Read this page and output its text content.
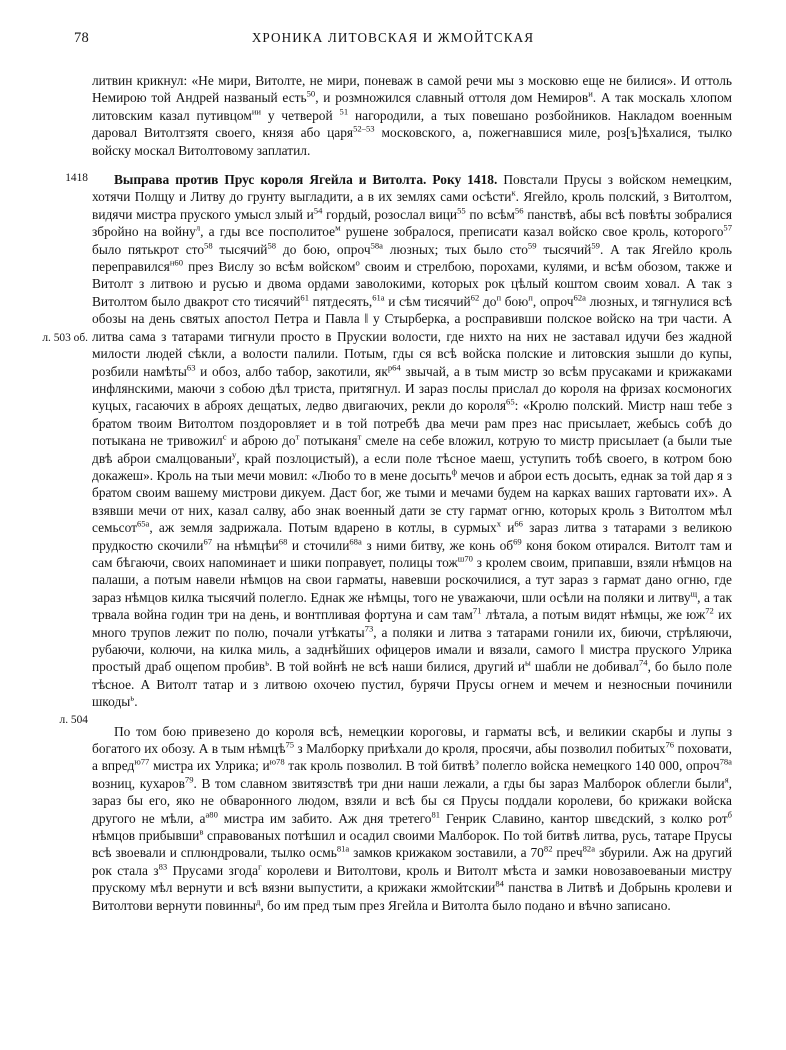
78	ХРОНИКА ЛИТОВСКАЯ И ЖМОЙТСКАЯ

литвин крикнул: «Не мири, Витолте, не мири, поневаж в самой речи мы з московю еще не билися». И оттоль Немирою той Андрей названый есть$^{50}$, и розмножился славный оттоля дом Немиров$^и$. А так москаль хлопом литовским казал путивцом$^{ии}$ у четверой $^{51}$ нагородили, а тых повешано розбойников. Накладом военным даровал Витолтзятя своего, князя або царя$^{52-53}$ московского, а, пожегнавшися миле, роз[ъ]ѣхалися, тылко войску москал Витолтовому заплатил.

1418	Выправа против Прус короля Ягейла и Витолта. Року 1418. Повстали Прусы з войском немецким, хотячи Полщу и Литву до грунту выгладити, а в их землях сами осѣсти$^к$. Ягейло, кроль полский, з Витолтом, видячи мистра пруского умысл злый $и^{54}$ гордый, розослал вици$^{55}$ по всѣм$^{56}$ панствѣ, абы всѣ повѣты зобралися збройно на войну$^л$, а гды все посполитое$^м$ рушене зобралося, преписати казал войско свое кроль, которого$^{57}$ было пятькрот сто$^{58}$ тысячий$^{58}$ до бою, опроч$^{58а}$ люзных; тых было сто$^{59}$ тысячий$^{59}$. А так Ягейло кроль переправился$^{н60}$ през Вислу зо всѣм войском$^о$ своим и стрелбою, порохами, кулями, и всѣм обозом, также и Витолт з литвою и русью и двома ордами заволокими, которых рок цѣлый коштом своим ховал. А так з Витолтом было двакрот сто тисячий$^{61}$ пятдесять,$^{61а}$ и сѣм тисячий$^{62}$ $до^п$ бою$^п$, опроч$^{62а}$ люзных, и тягнулися всѣ обозы на день святых апостол Петра и Павла ǁ у Стырберка, а росправивши полское войско на три части. А литва сама з татарами тигнули просто в Прускии волости, где нихто на них не заставал идучи без жадной милости людей сѣкли, а волости палили. Потым, гды ся всѣ войска полские и литовския зышли до купы, розбили намѣты$^{63}$ и обоз, албо табор, закотили, $як^{р64}$ звычай, а в тым мистр зо всѣм прусаками и крижаками инфлянскими, маючи з собою дѣл триста, притягнул. И зараз послы прислал до короля на фризах космоногих куцых, гасаючих в аброях дещатых, ледво двигаючих, рекли до короля$^{65}$: «Кролю полский. Мистр наш тебе з братом твоим Витолтом поздоровляет и в той потребѣ два мечи рам през нас присылает, жебысь собѣ до потыкана не тривожил$^с$ и аброю $до^т$ потыканя$^т$ смеле на себе вложил, котрую то мистр присылает (а были тые двѣ аброи смалцованыи$^у$, край позлоцистый), а если поле тѣсное маеш, уступить тобѣ своего, в котром бою докажеш». Кроль на тыи мечи мовил: «Любо то в мене досыть$^ф$ мечов и аброи есть досыть, еднак за той дар я з братом своим вашему мистрови дикуем. Даст бог, же тыми и мечами будем на карках ваших гартовати их». А взявши мечи от них, казал салву, або знак военный дати зе сту гармат огню, которых кроль з Витолтом мѣл семьсот$^{65а}$, аж земля задрижала. Потым вдарено в котлы, в сурмых$^х$ $и^{66}$ зараз литва з татарами з великою прудкостю скочили$^{67}$ на нѣмцѣи$^{68}$ и сточили$^{68а}$ з ними битву, же конь $об^{69}$ коня боком отирался. Витолт там и сам бѣгаючи, своих напоминает и шики поправует, полицы тож$^{ш70}$ з кролем своим, припавши, взяли нѣмцов на палаши, а потым навели нѣмцов на свои гарматы, навевши роскочилися, а тут зараз з гармат дано огню, где зараз нѣмцов килка тысячий полегло. Еднак же нѣмцы, того не уважаючи, шли осѣли на поляки и литву$^щ$, а так трвала война годин три на день, и вонтпливая фортуна и сам там$^{71}$ лѣтала, а потым видят нѣмцы, же $юж^{72}$ их много трупов лежит по полю, почали утѣкаты$^{73}$, а поляки и литва з татарами гонили их, биючи, стрѣляючи, рубаючи, колючи, на килка миль, а заднѣйших офицеров имали и вязали, самого ǁ мистра пруского Улрика простый драб ощепом пробив$^ь$. В той войнѣ не всѣ наши билися, другий $и^ы$ шабли не добивал$^{74}$, бо было поле тѣсное. А Витолт татар и з литвою охочею пустил, бурячи Прусы огнем и мечем и незносныи починили шкоды$^ь$.

л. 503 об.
л. 504

По том бою привезено до короля всѣ, немецкии короговы, и гарматы всѣ, и великии скарбы и лупы з богатого их обозу. А в тым нѣмцѣ$^{75}$ з Малборку приѣхали до кроля, просячи, абы позволил побитых$^{76}$ поховати, а впред$^{ю77}$ мистра их Улрика; $и^{ю78}$ так кроль позволил. В той битвѣ$^э$ полегло войска немецкого 140 000, опроч$^{78а}$ возниц, кухаров$^{79}$. В том славном звитязствѣ три дни наши лежали, а гды бы зараз Малборок облегли были$^я$, зараз бы его, яко не обваронного людом, взяли и всѣ бы ся Прусы поддали королеви, бо крижаки войска другого не мѣли, $а^{а80}$ мистра им забито. Аж дня третего$^{81}$ Генрик Славино, кантор швєдский, з колко рот$^б$ нѣмцов прибывши$^в$ справованых потѣшил и осадил своими Малборок. По той битвѣ литва, русь, татаре Прусы всѣ звоевали и сплюндровали, тылко осмь$^{81а}$ замков крижаком зоставили, а $70^{82}$ преч$^{82а}$ збурили. Аж на другий рок стала $з^{83}$ Прусами згода$^г$ королеви и Витолтови, кроль и Витолт мѣста и замки новозавоеваныи мистру прускому мѣл вернути и всѣ вязни выпустити, а крижаки жмойтскии$^{84}$ панства в Литвѣ и Добрынь кролеви и Витолтови вернути повинны$^д$, бо им пред тым през Ягейла и Витолта было подано и вѣчно записано.
